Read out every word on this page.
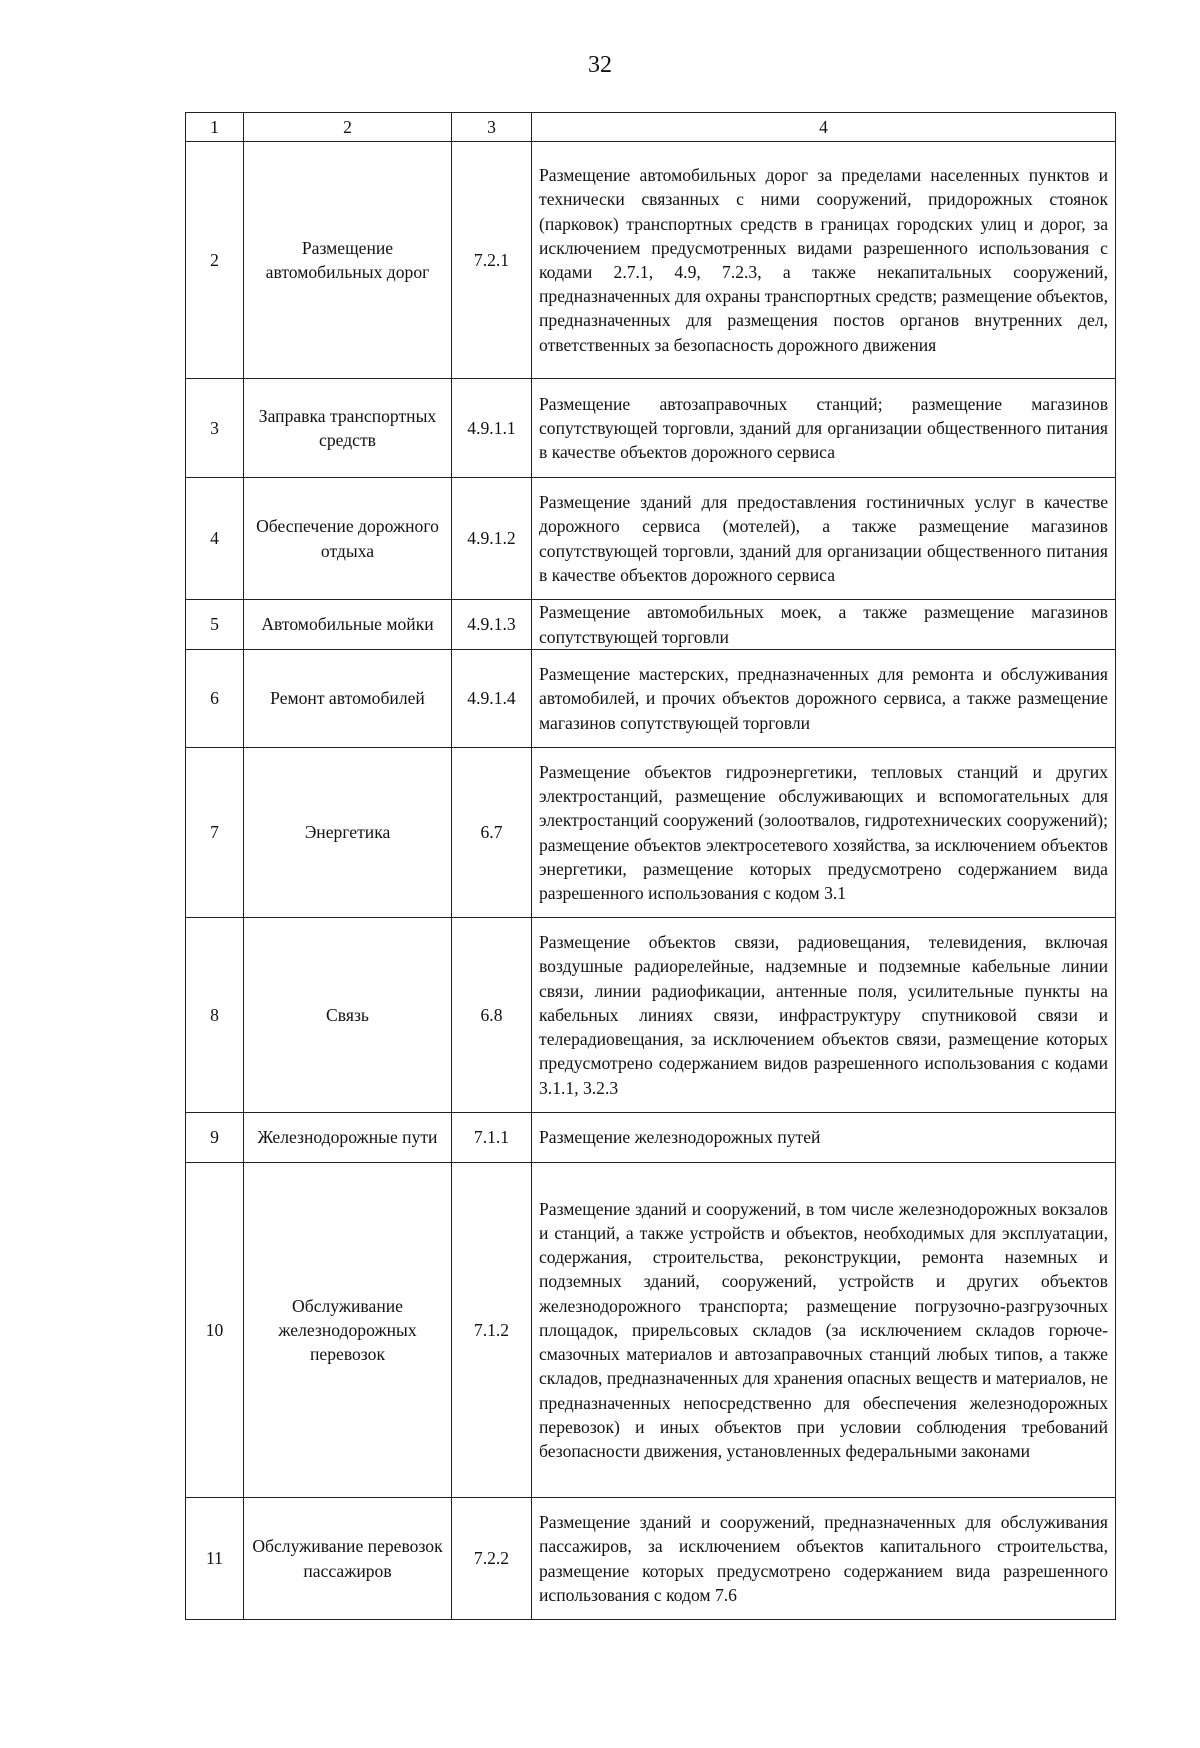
32
1	2	3	4
2	Размещение автомобильных дорог	7.2.1	Размещение автомобильных дорог за пределами населенных пунктов и технически связанных с ними сооружений, придорожных стоянок (парковок) транспортных средств в границах городских улиц и дорог, за исключением предусмотренных видами разрешенного использования с кодами 2.7.1, 4.9, 7.2.3, а также некапитальных сооружений, предназначенных для охраны транспортных средств; размещение объектов, предназначенных для размещения постов органов внутренних дел, ответственных за безопасность дорожного движения
3	Заправка транспортных средств	4.9.1.1	Размещение автозаправочных станций; размещение магазинов сопутствующей торговли, зданий для организации общественного питания в качестве объектов дорожного сервиса
4	Обеспечение дорожного отдыха	4.9.1.2	Размещение зданий для предоставления гостиничных услуг в качестве дорожного сервиса (мотелей), а также размещение магазинов сопутствующей торговли, зданий для организации общественного питания в качестве объектов дорожного сервиса
5	Автомобильные мойки	4.9.1.3	Размещение автомобильных моек, а также размещение магазинов сопутствующей торговли
6	Ремонт автомобилей	4.9.1.4	Размещение мастерских, предназначенных для ремонта и обслуживания автомобилей, и прочих объектов дорожного сервиса, а также размещение магазинов сопутствующей торговли
7	Энергетика	6.7	Размещение объектов гидроэнергетики, тепловых станций и других электростанций, размещение обслуживающих и вспомогательных для электростанций сооружений (золоотвалов, гидротехнических сооружений); размещение объектов электросетевого хозяйства, за исключением объектов энергетики, размещение которых предусмотрено содержанием вида разрешенного использования с кодом 3.1
8	Связь	6.8	Размещение объектов связи, радиовещания, телевидения, включая воздушные радиорелейные, надземные и подземные кабельные линии связи, линии радиофикации, антенные поля, усилительные пункты на кабельных линиях связи, инфраструктуру спутниковой связи и телерадиовещания, за исключением объектов связи, размещение которых предусмотрено содержанием видов разрешенного использования с кодами 3.1.1, 3.2.3
9	Железнодорожные пути	7.1.1	Размещение железнодорожных путей
10	Обслуживание железнодорожных перевозок	7.1.2	Размещение зданий и сооружений, в том числе железнодорожных вокзалов и станций, а также устройств и объектов, необходимых для эксплуатации, содержания, строительства, реконструкции, ремонта наземных и подземных зданий, сооружений, устройств и других объектов железнодорожного транспорта; размещение погрузочно-разгрузочных площадок, прирельсовых складов (за исключением складов горюче-смазочных материалов и автозаправочных станций любых типов, а также складов, предназначенных для хранения опасных веществ и материалов, не предназначенных непосредственно для обеспечения железнодорожных перевозок) и иных объектов при условии соблюдения требований безопасности движения, установленных федеральными законами
11	Обслуживание перевозок пассажиров	7.2.2	Размещение зданий и сооружений, предназначенных для обслуживания пассажиров, за исключением объектов капитального строительства, размещение которых предусмотрено содержанием вида разрешенного использования с кодом 7.6
